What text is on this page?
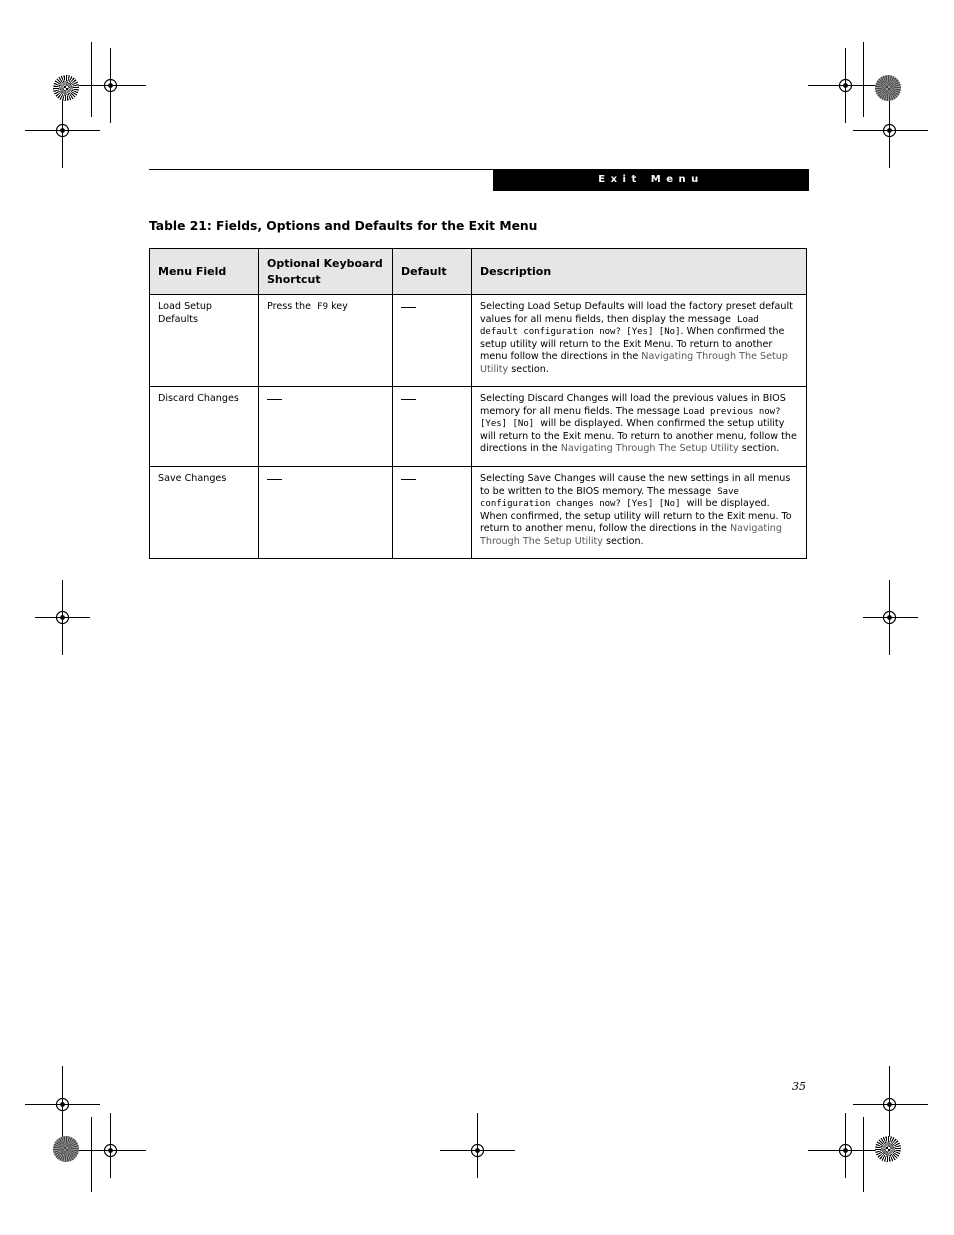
Exit Menu
Table 21: Fields, Options and Defaults for the Exit Menu
Menu Field	Optional Keyboard Shortcut	Default	Description
Load Setup Defaults	Press the F9 key		Selecting Load Setup Defaults will load the factory preset default values for all menu fields, then display the message Load default configuration now? [Yes] [No]. When confirmed the setup utility will return to the Exit Menu. To return to another menu follow the directions in the Navigating Through The Setup Utility section.
Discard Changes			Selecting Discard Changes will load the previous values in BIOS memory for all menu fields. The message Load previous now? [Yes] [No] will be displayed. When confirmed the setup utility will return to the Exit menu. To return to another menu, follow the directions in the Navigating Through The Setup Utility section.
Save Changes			Selecting Save Changes will cause the new settings in all menus to be written to the BIOS memory. The message Save configuration changes now? [Yes] [No] will be displayed. When confirmed, the setup utility will return to the Exit menu. To return to another menu, follow the directions in the Navigating Through The Setup Utility section.
35
